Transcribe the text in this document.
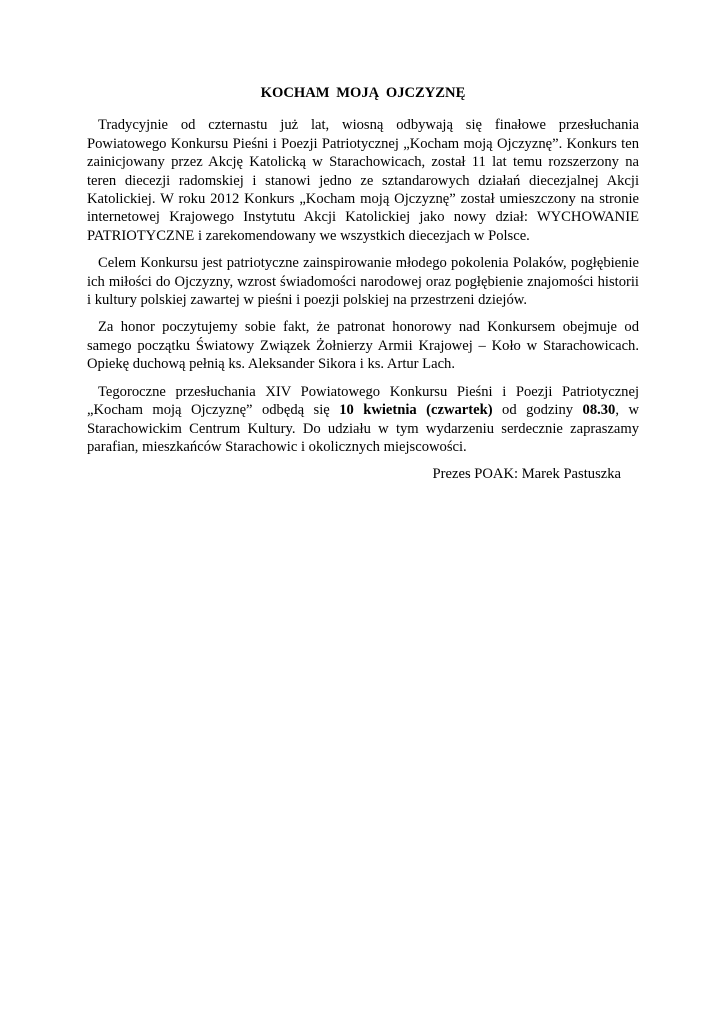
KOCHAM MOJĄ OJCZYZNĘ

Tradycyjnie od czternastu już lat, wiosną odbywają się finałowe przesłuchania Powiatowego Konkursu Pieśni i Poezji Patriotycznej „Kocham moją Ojczyznę”. Konkurs ten zainicjowany przez Akcję Katolicką w Starachowicach, został 11 lat temu rozszerzony na teren diecezji radomskiej i stanowi jedno ze sztandarowych działań diecezjalnej Akcji Katolickiej. W roku 2012 Konkurs „Kocham moją Ojczyznę” został umieszczony na stronie internetowej Krajowego Instytutu Akcji Katolickiej jako nowy dział: WYCHOWANIE PATRIOTYCZNE i zarekomendowany we wszystkich diecezjach w Polsce.

Celem Konkursu jest patriotyczne zainspirowanie młodego pokolenia Polaków, pogłębienie ich miłości do Ojczyzny, wzrost świadomości narodowej oraz pogłębienie znajomości historii i kultury polskiej zawartej w pieśni i poezji polskiej na przestrzeni dziejów.

Za honor poczytujemy sobie fakt, że patronat honorowy nad Konkursem obejmuje od samego początku Światowy Związek Żołnierzy Armii Krajowej – Koło w Starachowicach. Opiekę duchową pełnią ks. Aleksander Sikora i ks. Artur Lach.

Tegoroczne przesłuchania XIV Powiatowego Konkursu Pieśni i Poezji Patriotycznej „Kocham moją Ojczyznę” odbędą się 10 kwietnia (czwartek) od godziny 08.30, w Starachowickim Centrum Kultury. Do udziału w tym wydarzeniu serdecznie zapraszamy parafian, mieszkańców Starachowic i okolicznych miejscowości.

Prezes POAK: Marek Pastuszka
